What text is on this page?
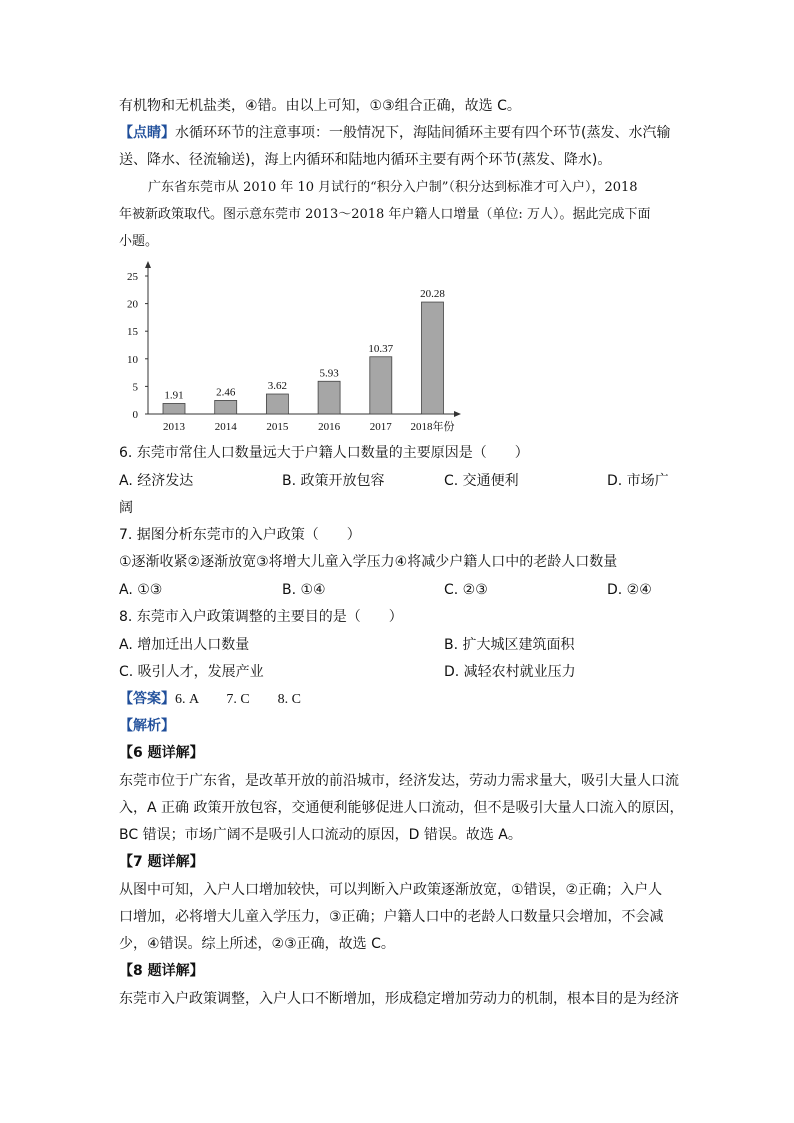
有机物和无机盐类，④错。由以上可知，①③组合正确，故选 C。
【点睛】水循环环节的注意事项：一般情况下，海陆间循环主要有四个环节(蒸发、水汽输
送、降水、径流输送)，海上内循环和陆地内循环主要有两个环节(蒸发、降水)。
广东省东莞市从 2010 年 10 月试行的“积分入户制”（积分达到标准才可入户），2018
年被新政策取代。图示意东莞市 2013～2018 年户籍人口增量（单位: 万人）。据此完成下面
小题。
0
5
10
15
20
25
1.91
2013
2.46
2014
3.62
2015
5.93
2016
10.37
2017
20.28
2018年份
6. 东莞市常住人口数量远大于户籍人口数量的主要原因是（　　）
A. 经济发达	B. 政策开放包容	C. 交通便利	D. 市场广
阔
7. 据图分析东莞市的入户政策（　　）
①逐渐收紧②逐渐放宽③将增大儿童入学压力④将减少户籍人口中的老龄人口数量
A. ①③	B. ①④	C. ②③	D. ②④
8. 东莞市入户政策调整的主要目的是（　　）
A. 增加迁出人口数量	B. 扩大城区建筑面积
C. 吸引人才，发展产业	D. 减轻农村就业压力
【答案】6. A　　7. C　　8. C
【解析】
【6 题详解】
东莞市位于广东省，是改革开放的前沿城市，经济发达，劳动力需求量大，吸引大量人口流
入，A 正确 政策开放包容，交通便利能够促进人口流动，但不是吸引大量人口流入的原因，
BC 错误；市场广阔不是吸引人口流动的原因，D 错误。故选 A。
【7 题详解】
从图中可知，入户人口增加较快，可以判断入户政策逐渐放宽，①错误，②正确；入户人
口增加，必将增大儿童入学压力，③正确；户籍人口中的老龄人口数量只会增加，不会减
少，④错误。综上所述，②③正确，故选 C。
【8 题详解】
东莞市入户政策调整，入户人口不断增加，形成稳定增加劳动力的机制，根本目的是为经济
